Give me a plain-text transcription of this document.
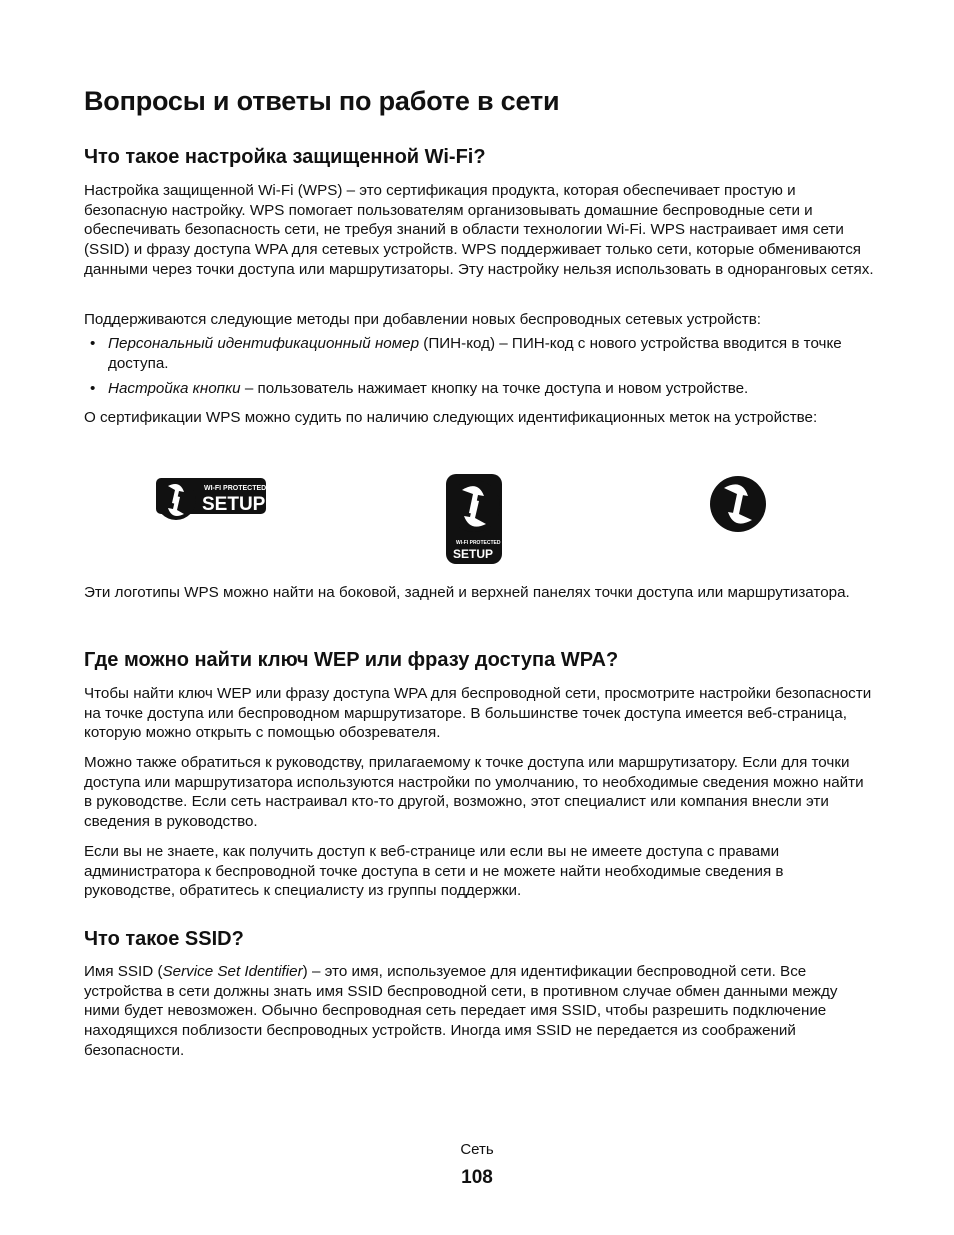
Вопросы и ответы по работе в сети
Что такое настройка защищенной Wi-Fi?

Настройка защищенной Wi-Fi (WPS) – это сертификация продукта, которая обеспечивает простую и безопасную настройку. WPS помогает пользователям организовывать домашние беспроводные сети и обеспечивать безопасность сети, не требуя знаний в области технологии Wi-Fi. WPS настраивает имя сети (SSID) и фразу доступа WPA для сетевых устройств. WPS поддерживает только сети, которые обмениваются данными через точки доступа или маршрутизаторы. Эту настройку нельзя использовать в одноранговых сетях.

Поддерживаются следующие методы при добавлении новых беспроводных сетевых устройств:

• Персональный идентификационный номер (ПИН-код) – ПИН-код с нового устройства вводится в точке доступа.
• Настройка кнопки – пользователь нажимает кнопку на точке доступа и новом устройстве.

О сертификации WPS можно судить по наличию следующих идентификационных меток на устройстве:

WI-FI PROTECTED
SETUP
WI-FI PROTECTED
SETUP

Эти логотипы WPS можно найти на боковой, задней и верхней панелях точки доступа или маршрутизатора.

Где можно найти ключ WEP или фразу доступа WPA?

Чтобы найти ключ WEP или фразу доступа WPA для беспроводной сети, просмотрите настройки безопасности на точке доступа или беспроводном маршрутизаторе. В большинстве точек доступа имеется веб-страница, которую можно открыть с помощью обозревателя.

Можно также обратиться к руководству, прилагаемому к точке доступа или маршрутизатору. Если для точки доступа или маршрутизатора используются настройки по умолчанию, то необходимые сведения можно найти в руководстве. Если сеть настраивал кто-то другой, возможно, этот специалист или компания внесли эти сведения в руководство.

Если вы не знаете, как получить доступ к веб-странице или если вы не имеете доступа с правами администратора к беспроводной точке доступа в сети и не можете найти необходимые сведения в руководстве, обратитесь к специалисту из группы поддержки.

Что такое SSID?

Имя SSID (Service Set Identifier) – это имя, используемое для идентификации беспроводной сети. Все устройства в сети должны знать имя SSID беспроводной сети, в противном случае обмен данными между ними будет невозможен. Обычно беспроводная сеть передает имя SSID, чтобы разрешить подключение находящихся поблизости беспроводных устройств. Иногда имя SSID не передается из соображений безопасности.

Сеть
108
